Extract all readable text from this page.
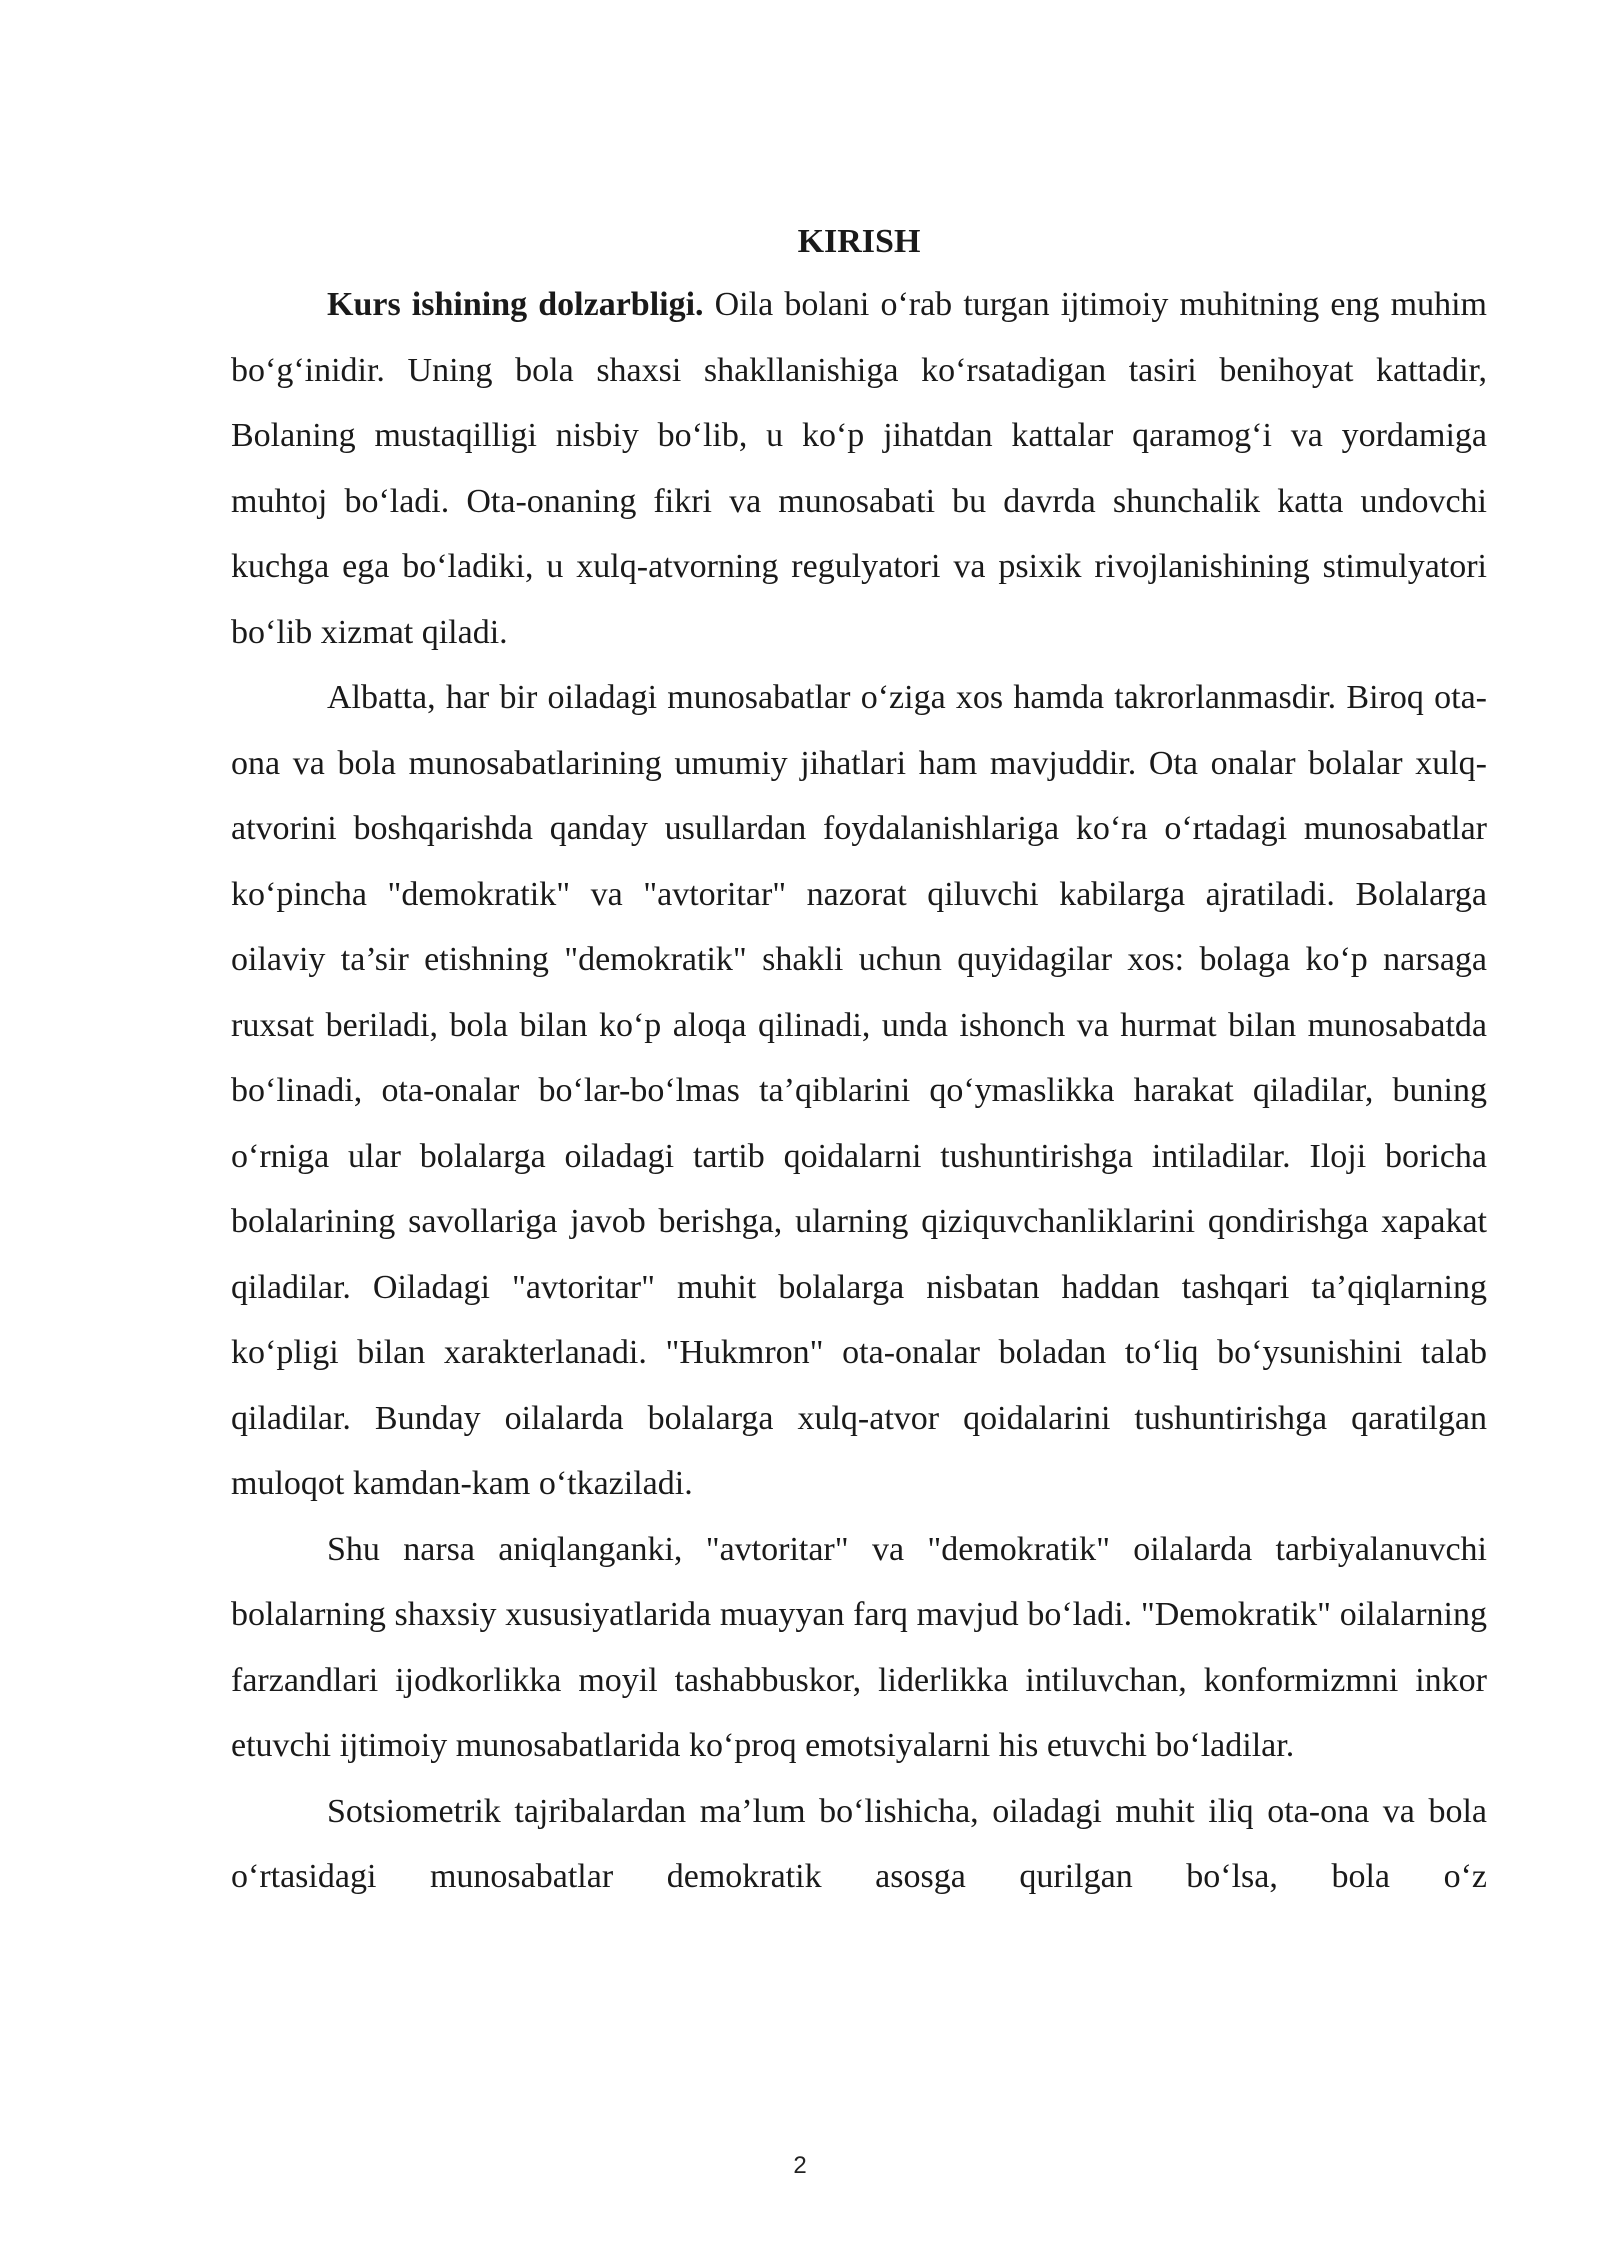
KIRISH

Kurs ishining dolzarbligi. Oila bolani o‘rab turgan ijtimoiy muhitning eng muhim bo‘g‘inidir. Uning bola shaxsi shakllanishiga ko‘rsatadigan tasiri benihoyat kattadir, Bolaning mustaqilligi nisbiy bo‘lib, u ko‘p jihatdan kattalar qaramog‘i va yordamiga muhtoj bo‘ladi. Ota-onaning fikri va munosabati bu davrda shunchalik katta undovchi kuchga ega bo‘ladiki, u xulq-atvorning regulyatori va psixik rivojlanishining stimulyatori bo‘lib xizmat qiladi.

Albatta, har bir oiladagi munosabatlar o‘ziga xos hamda takrorlanmasdir. Biroq ota-ona va bola munosabatlarining umumiy jihatlari ham mavjuddir. Ota onalar bolalar xulq- atvorini boshqarishda qanday usullardan foydalanishlariga ko‘ra o‘rtadagi munosabatlar ko‘pincha "demokratik" va "avtoritar" nazorat qiluvchi kabilarga ajratiladi. Bolalarga oilaviy ta’sir etishning "demokratik" shakli uchun quyidagilar xos: bolaga ko‘p narsaga ruxsat beriladi, bola bilan ko‘p aloqa qilinadi, unda ishonch va hurmat bilan munosabatda bo‘linadi, ota-onalar bo‘lar-bo‘lmas ta’qiblarini qo‘ymaslikka harakat qiladilar, buning o‘rniga ular bolalarga oiladagi tartib qoidalarni tushuntirishga intiladilar. Iloji boricha bolalarining savollariga javob berishga, ularning qiziquvchanliklarini qondirishga xapakat qiladilar. Oiladagi "avtoritar" muhit bolalarga nisbatan haddan tashqari ta’qiqlarning ko‘pligi bilan xarakterlanadi. "Hukmron" ota-onalar boladan to‘liq bo‘ysunishini talab qiladilar. Bunday oilalarda bolalarga xulq-atvor qoidalarini tushuntirishga qaratilgan muloqot kamdan-kam o‘tkaziladi.

Shu narsa aniqlanganki, "avtoritar" va "demokratik" oilalarda tarbiyalanuvchi bolalarning shaxsiy xususiyatlarida muayyan farq mavjud bo‘ladi. "Demokratik" oilalarning farzandlari ijodkorlikka moyil tashabbuskor, liderlikka intiluvchan, konformizmni inkor etuvchi ijtimoiy munosabatlarida ko‘proq emotsiyalarni his etuvchi bo‘ladilar.

Sotsiometrik tajribalardan ma’lum bo‘lishicha, oiladagi muhit iliq ota-ona va bola o‘rtasidagi munosabatlar demokratik asosga qurilgan bo‘lsa, bola o‘z

2
